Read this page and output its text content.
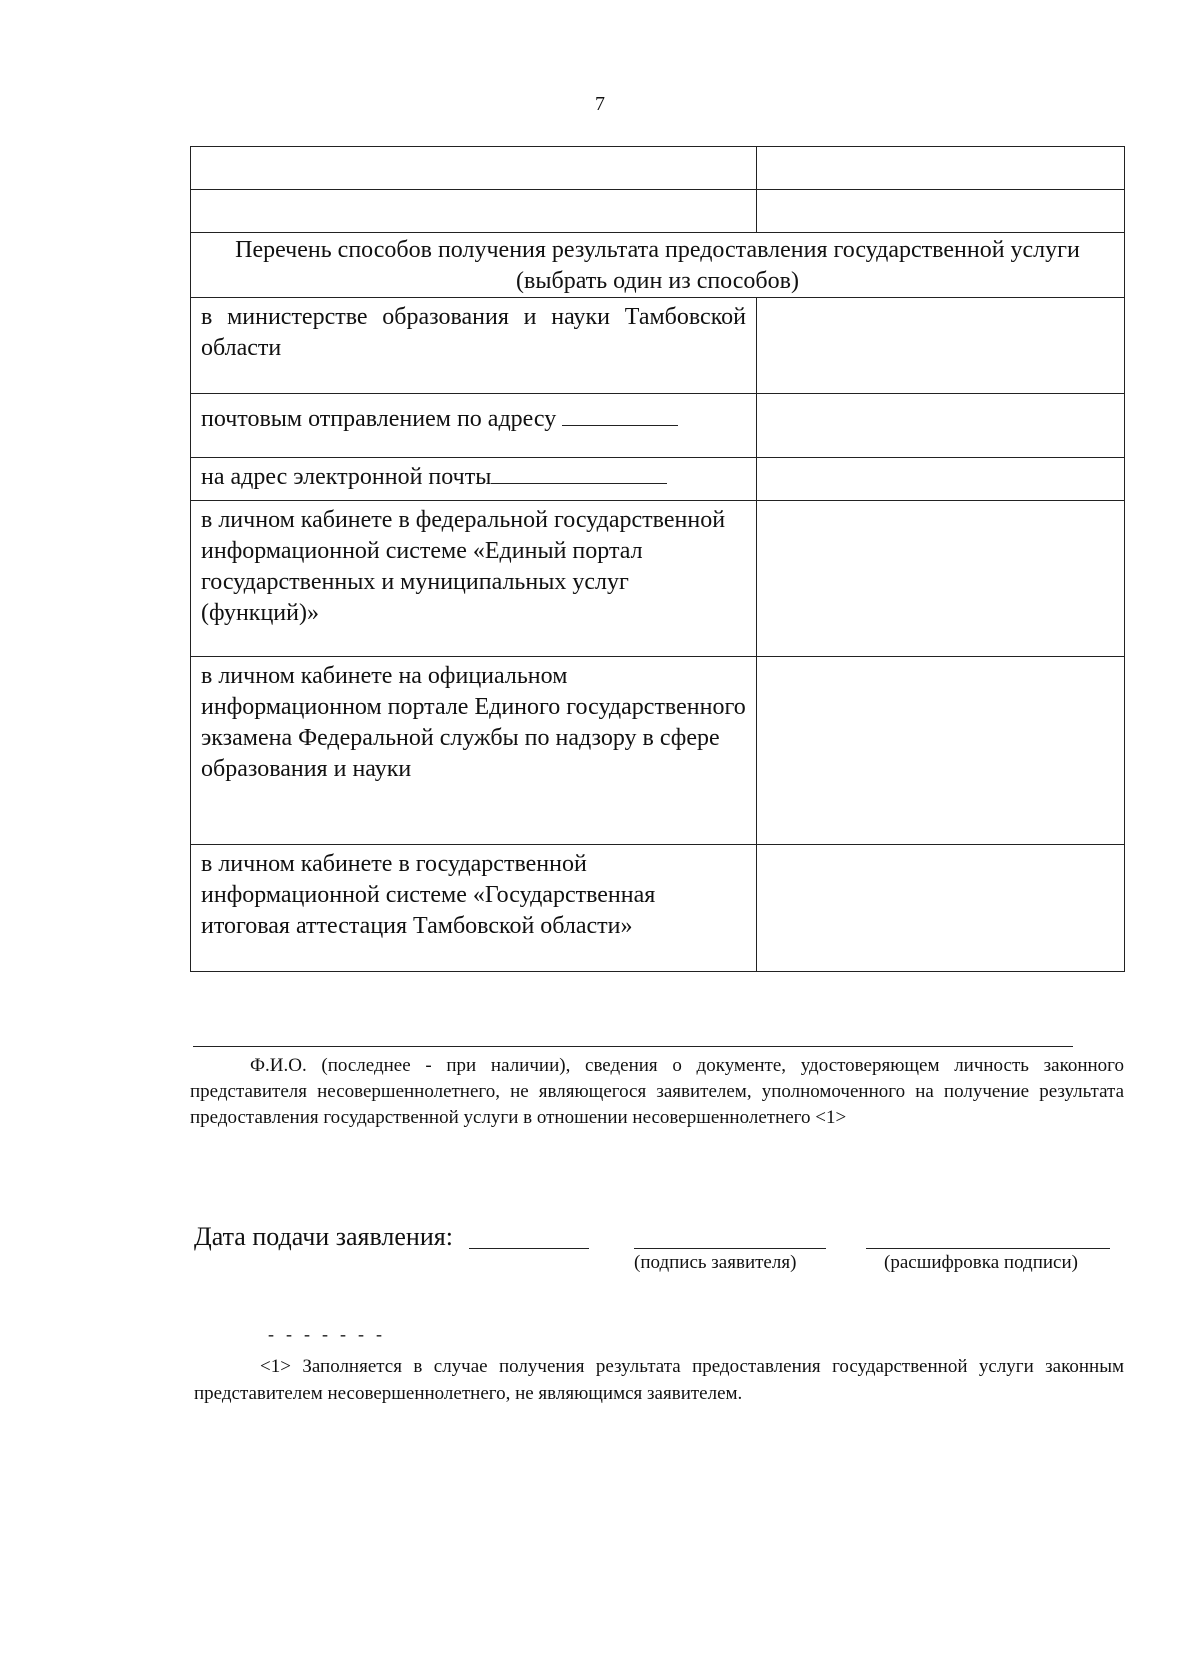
7

Перечень способов получения результата предоставления государственной услуги (выбрать один из способов)	
в министерстве образования и науки Тамбовской области	
почтовым отправлением по адресу	
на адрес электронной почты	
в личном кабинете в федеральной государственной информационной системе «Единый портал государственных и муниципальных услуг (функций)»	
в личном кабинете на официальном информационном портале Единого государственного экзамена Федеральной службы по надзору в сфере образования и науки	
в личном кабинете в государственной информационной системе «Государственная итоговая аттестация Тамбовской области»	
Ф.И.О. (последнее - при наличии), сведения о документе, удостоверяющем личность законного представителя несовершеннолетнего, не являющегося заявителем, уполномоченного на получение результата предоставления государственной услуги в отношении несовершеннолетнего <1>
Дата подачи заявления:
(подпись заявителя)	(расшифровка подписи)
-------
<1> Заполняется в случае получения результата предоставления государственной услуги законным представителем несовершеннолетнего, не являющимся заявителем.
